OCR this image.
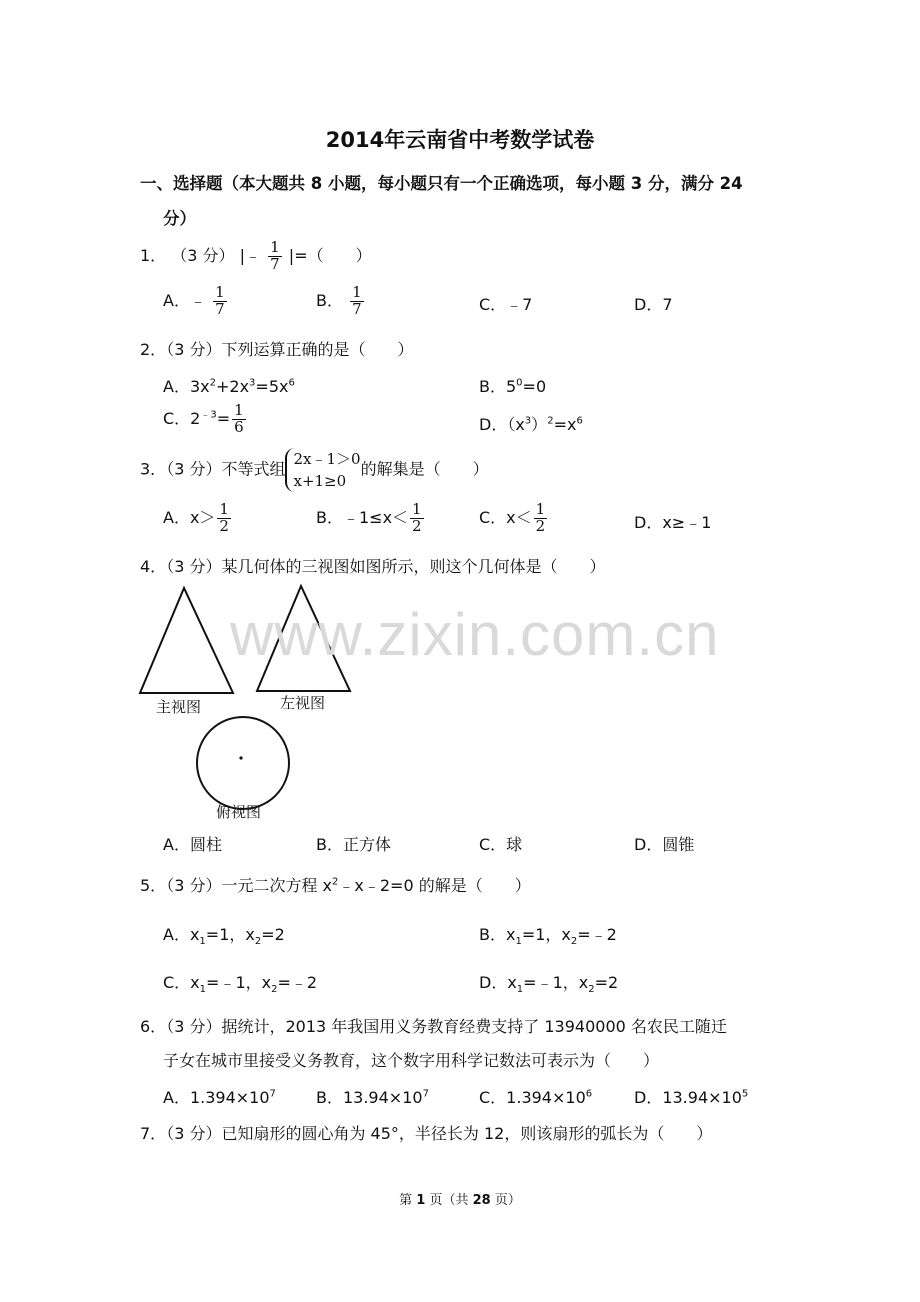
2014年云南省中考数学试卷
一、选择题（本大题共 8 小题，每小题只有一个正确选项，每小题 3 分，满分 24
分）
1． （3 分） |﹣ $\frac{1}{7}$ |=（　　）
A．﹣ $\frac{1}{7}$	B． $\frac{1}{7}$	C．﹣7	D．7
2．（3 分）下列运算正确的是（　　）
A．$3x^2+2x^3=5x^6$	B．$5^0=0$
C．$2^{﹣3}= \frac{1}{6}$	D．$(x^3)^2=x^6$
3．（3 分）不等式组
2x﹣1＞0
x+1≥0
的解集是（　　）
A．$x> \frac{1}{2}$	B．﹣1≤x＜ $\frac{1}{2}$	C．$x< \frac{1}{2}$	D．x≥﹣1
4．（3 分）某几何体的三视图如图所示，则这个几何体是（　　）
主视图	左视图
俯视图
A．圆柱	B．正方体	C．球	D．圆锥
5．（3 分）一元二次方程 $x^2﹣x﹣2=0$ 的解是（　　）
A．$x_1=1$，$x_2=2$	B．$x_1=1$，$x_2=﹣2$
C．$x_1=﹣1$，$x_2=﹣2$	D．$x_1=﹣1$，$x_2=2$
6．（3 分）据统计，2013 年我国用义务教育经费支持了 13940000 名农民工随迁
子女在城市里接受义务教育，这个数字用科学记数法可表示为（　　）
A．$1.394\times 10^7$	B．$13.94\times 10^7$	C．$1.394\times 10^6$	D．$13.94\times 10^5$
7．（3 分）已知扇形的圆心角为 45°，半径长为 12，则该扇形的弧长为（　　）
www.zixin.com.cn
第 1 页（共 28 页）
